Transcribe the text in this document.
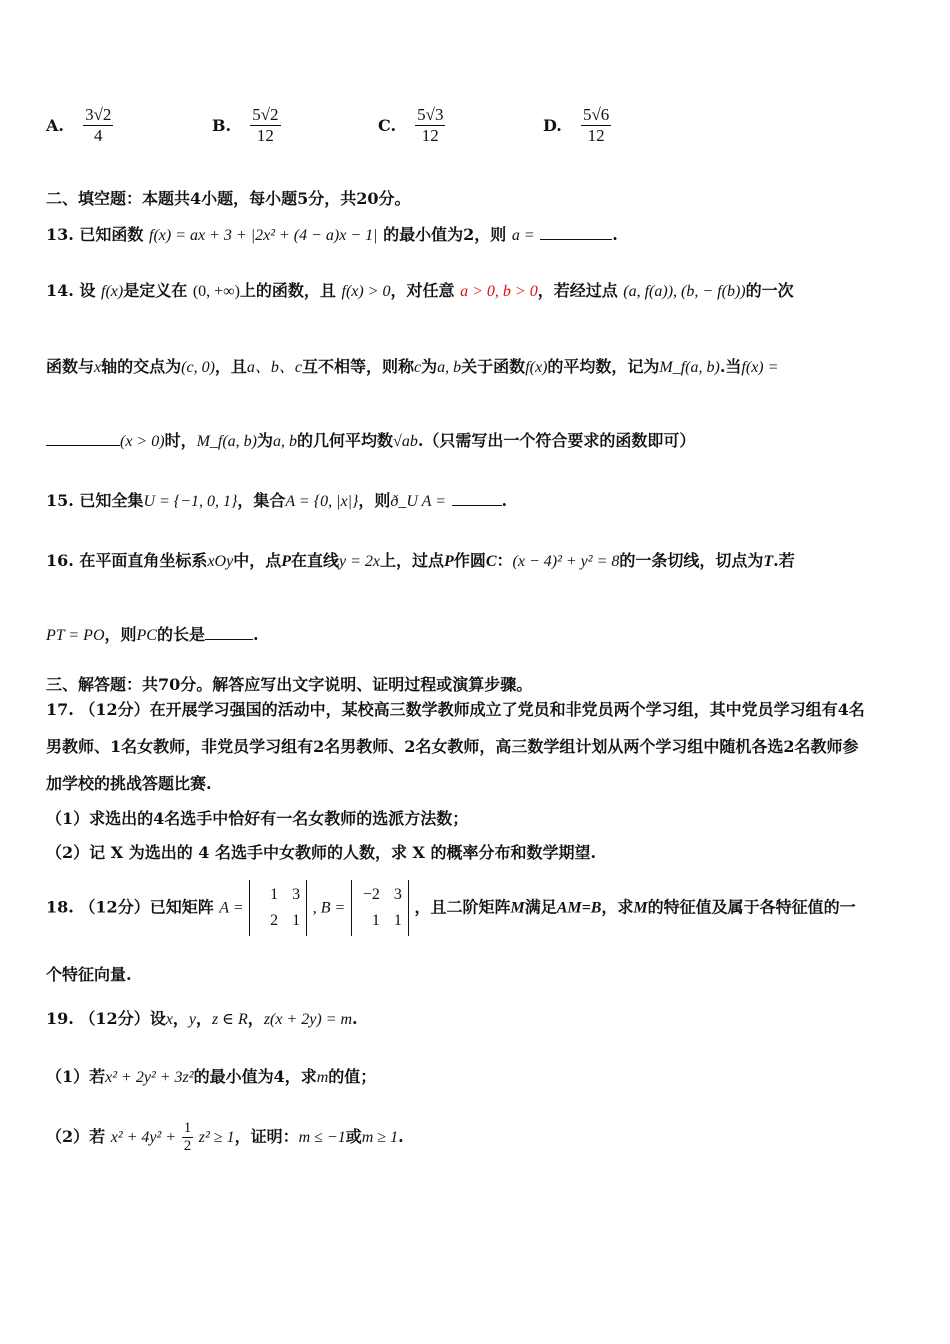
A. $\frac{3√2}{4}$	B. $\frac{5√2}{12}$	C. $\frac{5√3}{12}$	D. $\frac{5√6}{12}$
二、填空题：本题共4小题，每小题5分，共20分。
13. 已知函数 f(x) = ax + 3 + |2x² + (4 − a)x − 1| 的最小值为2，则 a =	.
14. 设 f(x)是定义在 (0, +∞)上的函数，且 f(x) > 0，对任意 a > 0, b > 0，若经过点 (a, f(a)), (b, − f(b))的一次
函数与x轴的交点为(c, 0)，且a、b、c互不相等，则称c为a, b关于函数f(x)的平均数，记为M_f(a, b).当f(x) =
(x > 0)时，M_f(a, b)为a, b的几何平均数√ab.（只需写出一个符合要求的函数即可）
15. 已知全集U = {−1, 0, 1}，集合A = {0, |x|}，则ð_U A =	.
16. 在平面直角坐标系xOy中，点P在直线y = 2x上，过点P作圆C：(x − 4)² + y² = 8的一条切线，切点为T.若
PT = PO，则PC的长是	.
三、解答题：共70分。解答应写出文字说明、证明过程或演算步骤。
17. （12分）在开展学习强国的活动中，某校高三数学教师成立了党员和非党员两个学习组，其中党员学习组有4名
男教师、1名女教师，非党员学习组有2名男教师、2名女教师，高三数学组计划从两个学习组中随机各选2名教师参
加学校的挑战答题比赛.
（1）求选出的4名选手中恰好有一名女教师的选派方法数；
（2）记 X 为选出的 4 名选手中女教师的人数，求 X 的概率分布和数学期望.
18. （12分）已知矩阵 A = 1 3
2 1 , B = −2 3
1 1 ，且二阶矩阵M满足AM=B，求M的特征值及属于各特征值的一
个特征向量.
19. （12分）设x，y，z ∈ R，z(x + 2y) = m.
（1）若x² + 2y² + 3z²的最小值为4，求m的值；
（2）若 $x^2 + 4y^2 + \frac{1}{2} z^2 \ge 1$，证明：m ≤ −1或m ≥ 1.
